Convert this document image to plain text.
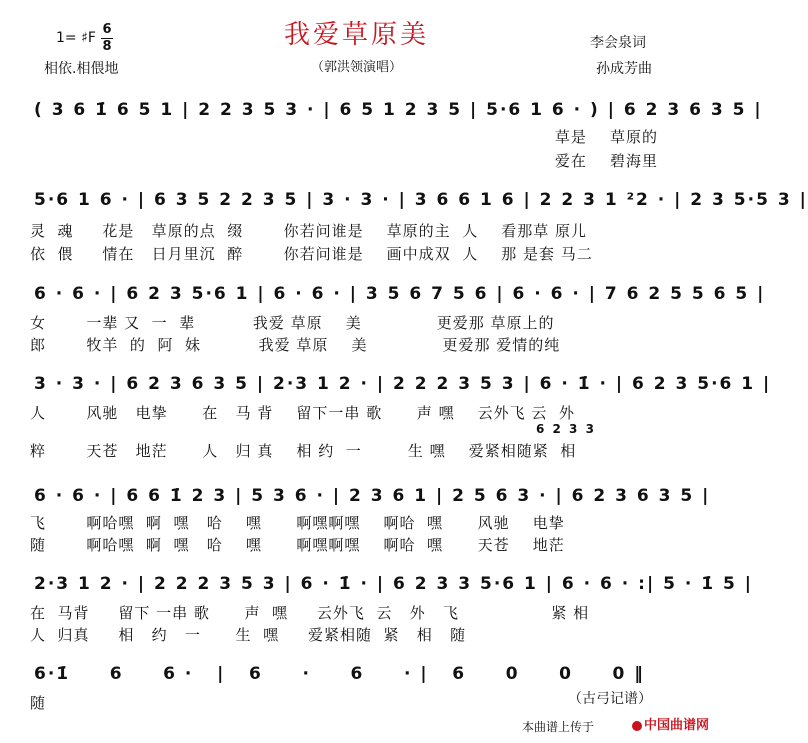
我爱草原美
1= ♯F
6
8
相依.相偎地	（郭洪领演唱）
李会泉词
孙成芳曲
( 3 6 1̇ 6 5 1 | 2 2 3 5 3 · | 6 5 1 2 3 5 | 5·6 1 6 · ) | 6 2 3 6 3 5 |
草是    草原的
爱在    碧海里
5·6 1 6 · | 6 3 5 2 2 3 5 | 3 · 3 · | 3 6 6 1 6 | 2 2 3 1 ²2 · | 2 3 5·5 3 |
灵  魂     花是   草原的点  缀       你若问谁是    草原的主  人    看那草 原儿
依  偎     情在   日月里沉  醉       你若问谁是    画中成双  人    那 是套 马二
6 · 6 · | 6 2 3 5·6 1 | 6 · 6 · | 3 5 6 7 5 6 | 6 · 6 · | 7 6 2 5 5 6 5 |
女       一辈 又  一  辈          我爱 草原    美             更爱那 草原上的
郎       牧羊  的  阿  妹          我爱 草原    美             更爱那 爱情的纯
3 · 3 · | 6 2 3 6 3 5 | 2·3 1 2 · | 2 2 2 3 5 3 | 6 · 1̇ · | 6 2 3 5·6 1 |
人       风驰   电挚      在   马 背    留下一串 歌      声 嘿    云外飞 云  外
6 2 3 3
粹       天苍   地茫      人   归 真    相 约  一        生 嘿    爱紧相随紧  相
6 · 6 · | 6 6 1̇ 2 3 | 5 3 6 · | 2 3 6 1 | 2 5 6 3 · | 6 2 3 6 3 5 |
飞       啊哈嘿  啊  嘿   哈    嘿      啊嘿啊嘿    啊哈  嘿      风驰    电挚
随       啊哈嘿  啊  嘿   哈    嘿      啊嘿啊嘿    啊哈  嘿      天苍    地茫
2·3 1 2 · | 2 2 2 3 5 3 | 6 · 1̇ · | 6 2 3 3 5·6 1 | 6 · 6 · :| 5 · 1̇ 5 |
在  马背     留下 一串 歌      声  嘿     云外飞  云   外   飞                紧 相
人  归真     相   约   一      生  嘿     爱紧相随  紧   相   随
6·1̇     6     6 ·   |   6     ·     6     · |   6     0     0     0 ‖
随	（古弓记谱）
本曲谱上传于	中国曲谱网
